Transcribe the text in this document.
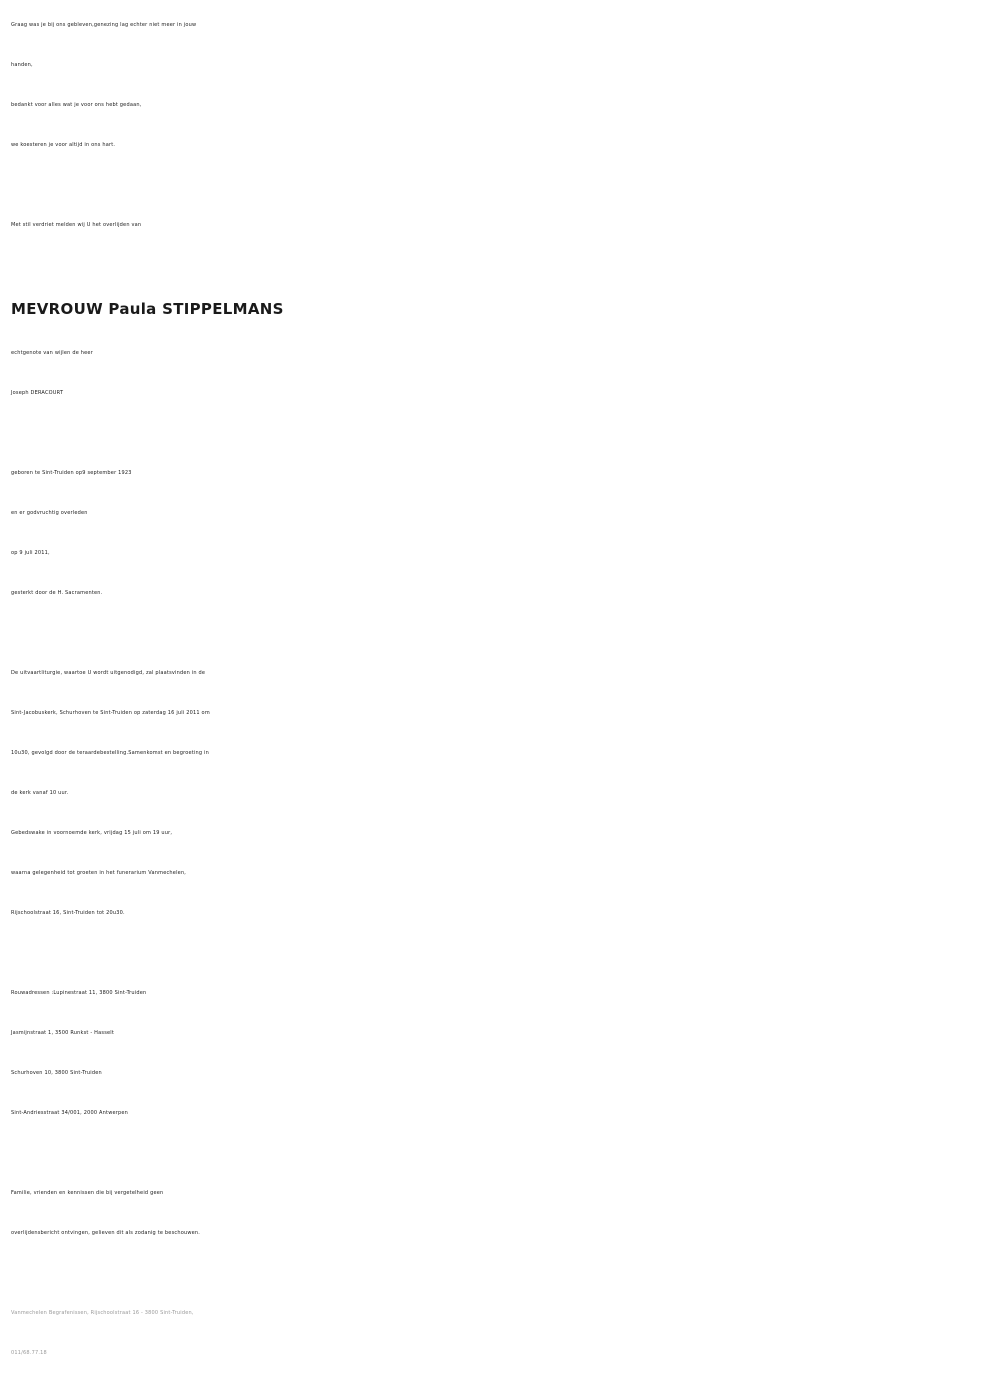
Graag was je bij ons gebleven,genezing lag echter niet meer in jouw
handen,
bedankt voor alles wat je voor ons hebt gedaan,
we koesteren je voor altijd in ons hart.
Met stil verdriet melden wij U het overlijden van
MEVROUW Paula STIPPELMANS
echtgenote van wijlen de heer
Joseph DERACOURT
geboren te Sint-Truiden op9 september 1923
en er godvruchtig overleden
op 9 juli 2011,
gesterkt door de H. Sacramenten.
De uitvaartliturgie, waartoe U wordt uitgenodigd, zal plaatsvinden in de
Sint-Jacobuskerk, Schurhoven te Sint-Truiden op zaterdag 16 juli 2011 om
10u30, gevolgd door de teraardebestelling.Samenkomst en begroeting in
de kerk vanaf 10 uur.
Gebedswake in voornoemde kerk, vrijdag 15 juli om 19 uur,
waarna gelegenheid tot groeten in het funerarium Vanmechelen,
Rijschoolstraat 16, Sint-Truiden tot 20u30.
Rouwadressen :Lupinestraat 11, 3800 Sint-Truiden
Jasmijnstraat 1, 3500 Runkst - Hasselt
Schurhoven 10, 3800 Sint-Truiden
Sint-Andriesstraat 34/001, 2000 Antwerpen
Familie, vrienden en kennissen die bij vergetelheid geen
overlijdensbericht ontvingen, gelieven dit als zodanig te beschouwen.
Vanmechelen Begrafenissen, Rijschoolstraat 16 - 3800 Sint-Truiden,
011/68.77.18
